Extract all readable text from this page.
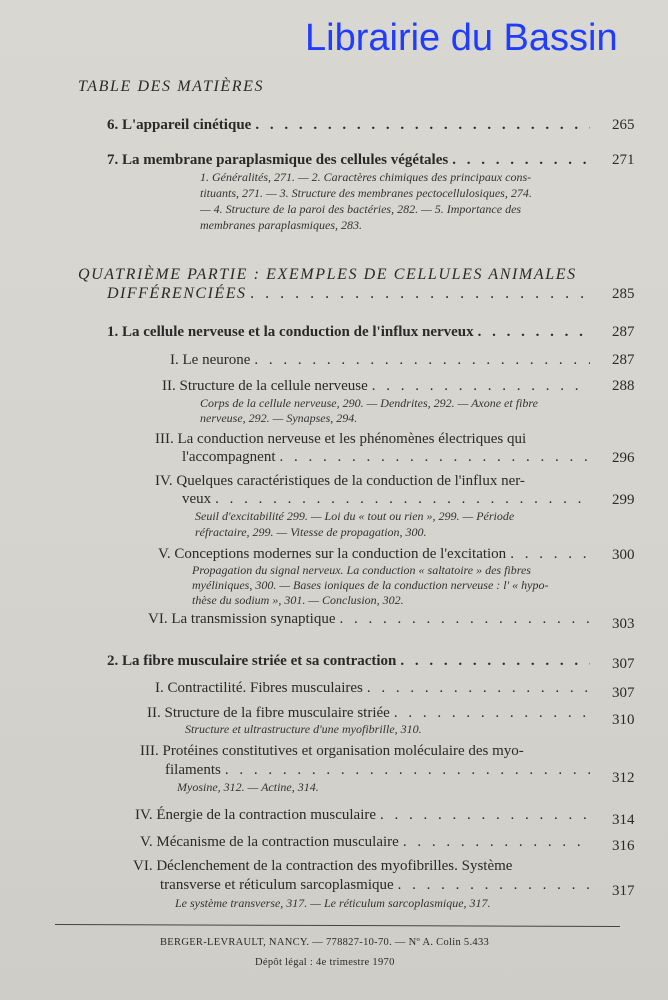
TABLE DES MATIÈRES
6. L'appareil cinétique . . .	265
7. La membrane paraplasmique des cellules végétales . . .	271
1. Généralités, 271. — 2. Caractères chimiques des principaux cons-
tituants, 271. — 3. Structure des membranes pectocellulosiques, 274.
— 4. Structure de la paroi des bactéries, 282. — 5. Importance des
membranes paraplasmiques, 283.
QUATRIÈME PARTIE : EXEMPLES DE CELLULES ANIMALES
DIFFÉRENCIÉES . . .	285
1. La cellule nerveuse et la conduction de l'influx nerveux . . .	287
I. Le neurone . . .	287
II. Structure de la cellule nerveuse . . .	288
Corps de la cellule nerveuse, 290. — Dendrites, 292. — Axone et fibre
nerveuse, 292. — Synapses, 294.
III. La conduction nerveuse et les phénomènes électriques qui
l'accompagnent . . .	296
IV. Quelques caractéristiques de la conduction de l'influx ner-
veux . . .	299
Seuil d'excitabilité 299. — Loi du « tout ou rien », 299. — Période
réfractaire, 299. — Vitesse de propagation, 300.
V. Conceptions modernes sur la conduction de l'excitation . . .	300
Propagation du signal nerveux. La conduction « saltatoire » des fibres
myéliniques, 300. — Bases ioniques de la conduction nerveuse : l' « hypo-
thèse du sodium », 301. — Conclusion, 302.
VI. La transmission synaptique . . .	303
2. La fibre musculaire striée et sa contraction . . .	307
I. Contractilité. Fibres musculaires . . .	307
II. Structure de la fibre musculaire striée . . .	310
Structure et ultrastructure d'une myofibrille, 310.
III. Protéines constitutives et organisation moléculaire des myo-
filaments . . .	312
Myosine, 312. — Actine, 314.
IV. Énergie de la contraction musculaire . . .	314
V. Mécanisme de la contraction musculaire . . .	316
VI. Déclenchement de la contraction des myofibrilles. Système
transverse et réticulum sarcoplasmique . . .	317
Le système transverse, 317. — Le réticulum sarcoplasmique, 317.
BERGER-LEVRAULT, NANCY. — 778827-10-70. — Nº A. Colin 5.433
Dépôt légal : 4e trimestre 1970
Librairie du Bassin
